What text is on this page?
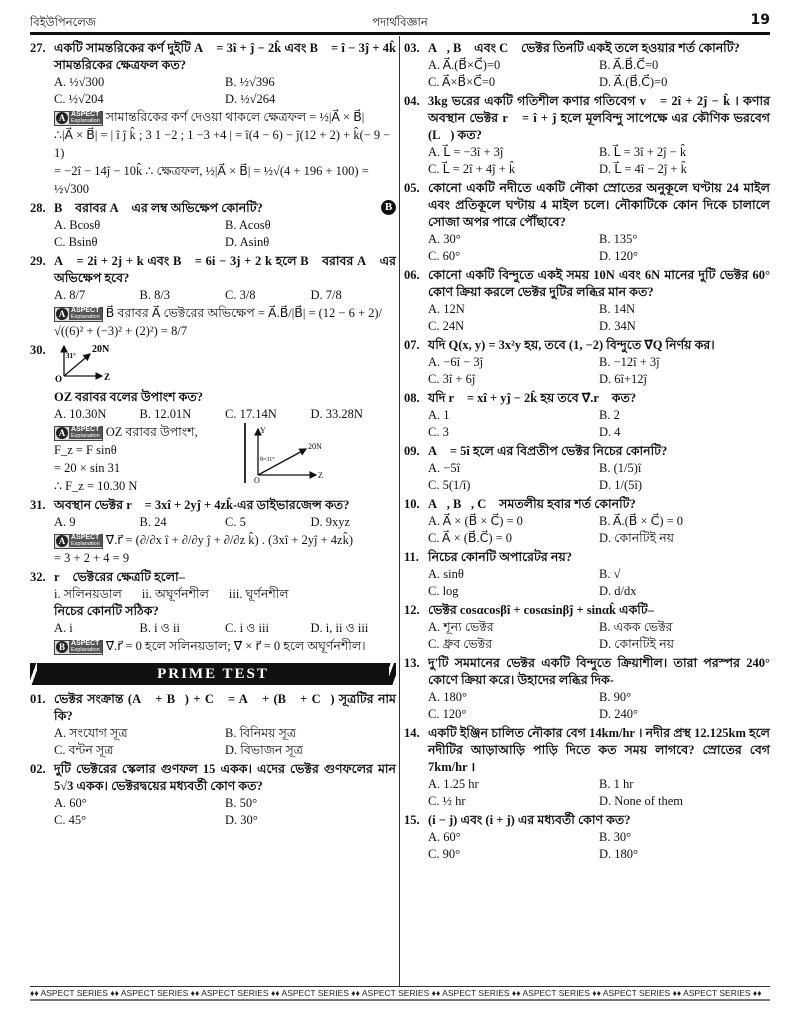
বিইউপিনলেজ	পদার্থবিজ্ঞান	19
27. একটি সামন্তরিকের কর্ণ দুইটি A⃗ = 3î + ĵ − 2k̂ এবং B⃗ = î − 3ĵ + 4k̂ সামন্তরিকের ক্ষেত্রফল কত?
A. ½√300	B. ½√396
C. ½√204	D. ½√264
A ASPECT
Explanation সামান্তরিকের কর্ণ দেওয়া থাকলে ক্ষেত্রফল = ½|A⃗ × B⃗|
∴|A⃗ × B⃗| = | î ĵ k̂ ; 3 1 −2 ; 1 −3 +4 | = î(4 − 6) − ĵ(12 + 2) + k̂(− 9 − 1)
= −2î − 14ĵ − 10k̂ ∴ ক্ষেত্রফল, ½|A⃗ × B⃗| = ½√(4 + 196 + 100) = ½√300
28. B⃗ বরাবর A⃗ এর লম্ব অভিক্ষেপ কোনটি?	B
A. Bcosθ	B. Acosθ
C. Bsinθ	D. Asinθ
29. A⃗ = 2i + 2j + k এবং B⃗ = 6i − 3j + 2 k হলে B⃗ বরাবর A⃗ এর অভিক্ষেপ হবে?
A. 8/7	B. 8/3	C. 3/8	D. 7/8
A ASPECT
Explanation B⃗ বরাবর A⃗ ভেক্টরের অভিক্ষেপ = A⃗.B⃗/|B⃗| = (12 − 6 + 2)/√((6)² + (−3)² + (2)²) = 8/7
30.	20N
31°
O	Z
OZ বরাবর বলের উপাংশ কত?
A. 10.30N	B. 12.01N	C. 17.14N	D. 33.28N
A ASPECT
Explanation OZ বরাবর উপাংশ,
F_z = F sinθ
= 20 × sin 31
∴ F_z = 10.30 N
Y
20N
θ=31°
O
Z
31. অবস্থান ভেক্টর r⃗ = 3xî + 2yĵ + 4zk̂-এর ডাইভারজেন্স কত?
A. 9	B. 24	C. 5	D. 9xyz
A ASPECT
Explanation ∇⃗.r⃗ = (∂/∂x î + ∂/∂y ĵ + ∂/∂z k̂) . (3xî + 2yĵ + 4zk̂)
= 3 + 2 + 4 = 9
32. r⃗ ভেক্টরের ক্ষেত্রটি হলো–
i. সলিনয়ডাল ii. অঘূর্ণনশীল iii. ঘূর্ণনশীল
নিচের কোনটি সঠিক?
A. i	B. i ও ii	C. i ও iii	D. i, ii ও iii
B ASPECT
Explanation ∇⃗.r⃗ = 0 হলে সলিনয়ডাল; ∇⃗ × r⃗ = 0 হলে অঘূর্ণনশীল।
PRIME TEST
01. ভেক্টর সংক্রান্ত (A⃗ + B⃗) + C⃗ = A⃗ + (B⃗ + C⃗) সূত্রটির নাম কি?
A. সংযোগ সূত্র	B. বিনিময় সূত্র
C. বন্টন সূত্র	D. বিভাজন সূত্র
02. দুটি ভেক্টরের স্কেলার গুণফল 15 একক। এদের ভেক্টর গুণফলের মান 5√3 একক। ভেক্টরদ্বয়ের মধ্যবর্তী কোণ কত?
A. 60°	B. 50°
C. 45°	D. 30°
03. A⃗, B⃗ এবং C⃗ ভেক্টর তিনটি একই তলে হওয়ার শর্ত কোনটি?
A. A⃗.(B⃗×C⃗)=0	B. A⃗.B⃗.C⃗=0
C. A⃗×B⃗×C⃗=0	D. A⃗.(B⃗.C⃗)=0
04. 3kg ভরের একটি গতিশীল কণার গতিবেগ v⃗ = 2î + 2ĵ − k̂ । কণার অবস্থান ভেক্টর r⃗ = î + ĵ হলে মূলবিন্দু সাপেক্ষে এর কৌণিক ভরবেগ (L⃗) কত?
A. L⃗ = −3î + 3ĵ	B. L⃗ = 3î + 2ĵ − k̂
C. L⃗ = 2î + 4ĵ + k̂	D. L⃗ = 4î − 2ĵ + k̂
05. কোনো একটি নদীতে একটি নৌকা স্রোতের অনুকূলে ঘণ্টায় 24 মাইল এবং প্রতিকূলে ঘণ্টায় 4 মাইল চলে। নৌকাটিকে কোন দিকে চালালে সোজা অপর পারে পৌঁছাবে?
A. 30°	B. 135°
C. 60°	D. 120°
06. কোনো একটি বিন্দুতে একই সময় 10N এবং 6N মানের দুটি ভেক্টর 60° কোণ ক্রিয়া করলে ভেক্টর দুটির লব্ধির মান কত?
A. 12N	B. 14N
C. 24N	D. 34N
07. যদি Q(x, y) = 3x²y হয়, তবে (1, −2) বিন্দুতে ∇⃗Q নির্ণয় কর।
A. −6î − 3ĵ	B. −12î + 3ĵ
C. 3î + 6ĵ	D. 6î+12ĵ
08. যদি r⃗ = xî + yĵ − 2k̂ হয় তবে ∇⃗.r⃗ কত?
A. 1	B. 2
C. 3	D. 4
09. A⃗ = 5î হলে এর বিপ্রতীপ ভেক্টর নিচের কোনটি?
A. −5î	B. (1/5)î
C. 5(1/î)	D. 1/(5î)
10. A⃗, B⃗, C⃗ সমতলীয় হবার শর্ত কোনটি?
A. A⃗ × (B⃗ × C⃗) = 0	B. A⃗.(B⃗ × C⃗) = 0
C. A⃗ × (B⃗.C⃗) = 0	D. কোনটিই নয়
11. নিচের কোনটি অপারেটর নয়?
A. sinθ	B. √
C. log	D. d/dx
12. ভেক্টর cosαcosβî + cosαsinβĵ + sinαk̂ একটি–
A. শূন্য ভেক্টর	B. একক ভেক্টর
C. ধ্রুব ভেক্টর	D. কোনটিই নয়
13. দু'টি সমমানের ভেক্টর একটি বিন্দুতে ক্রিয়াশীল। তারা পরস্পর 240° কোণে ক্রিয়া করে। উহাদের লব্ধির দিক-
A. 180°	B. 90°
C. 120°	D. 240°
14. একটি ইঞ্জিন চালিত নৌকার বেগ 14km/hr । নদীর প্রস্থ 12.125km হলে নদীটির আড়াআড়ি পাড়ি দিতে কত সময় লাগবে? স্রোতের বেগ 7km/hr ।
A. 1.25 hr	B. 1 hr
C. ½ hr	D. None of them
15. (i − j) এবং (i + j) এর মধ্যবর্তী কোণ কত?
A. 60°	B. 30°
C. 90°	D. 180°
♦♦ ASPECT SERIES ♦♦ ASPECT SERIES ♦♦ ASPECT SERIES ♦♦ ASPECT SERIES ♦♦ ASPECT SERIES ♦♦ ASPECT SERIES ♦♦ ASPECT SERIES ♦♦ ASPECT SERIES ♦♦ ASPECT SERIES ♦♦
